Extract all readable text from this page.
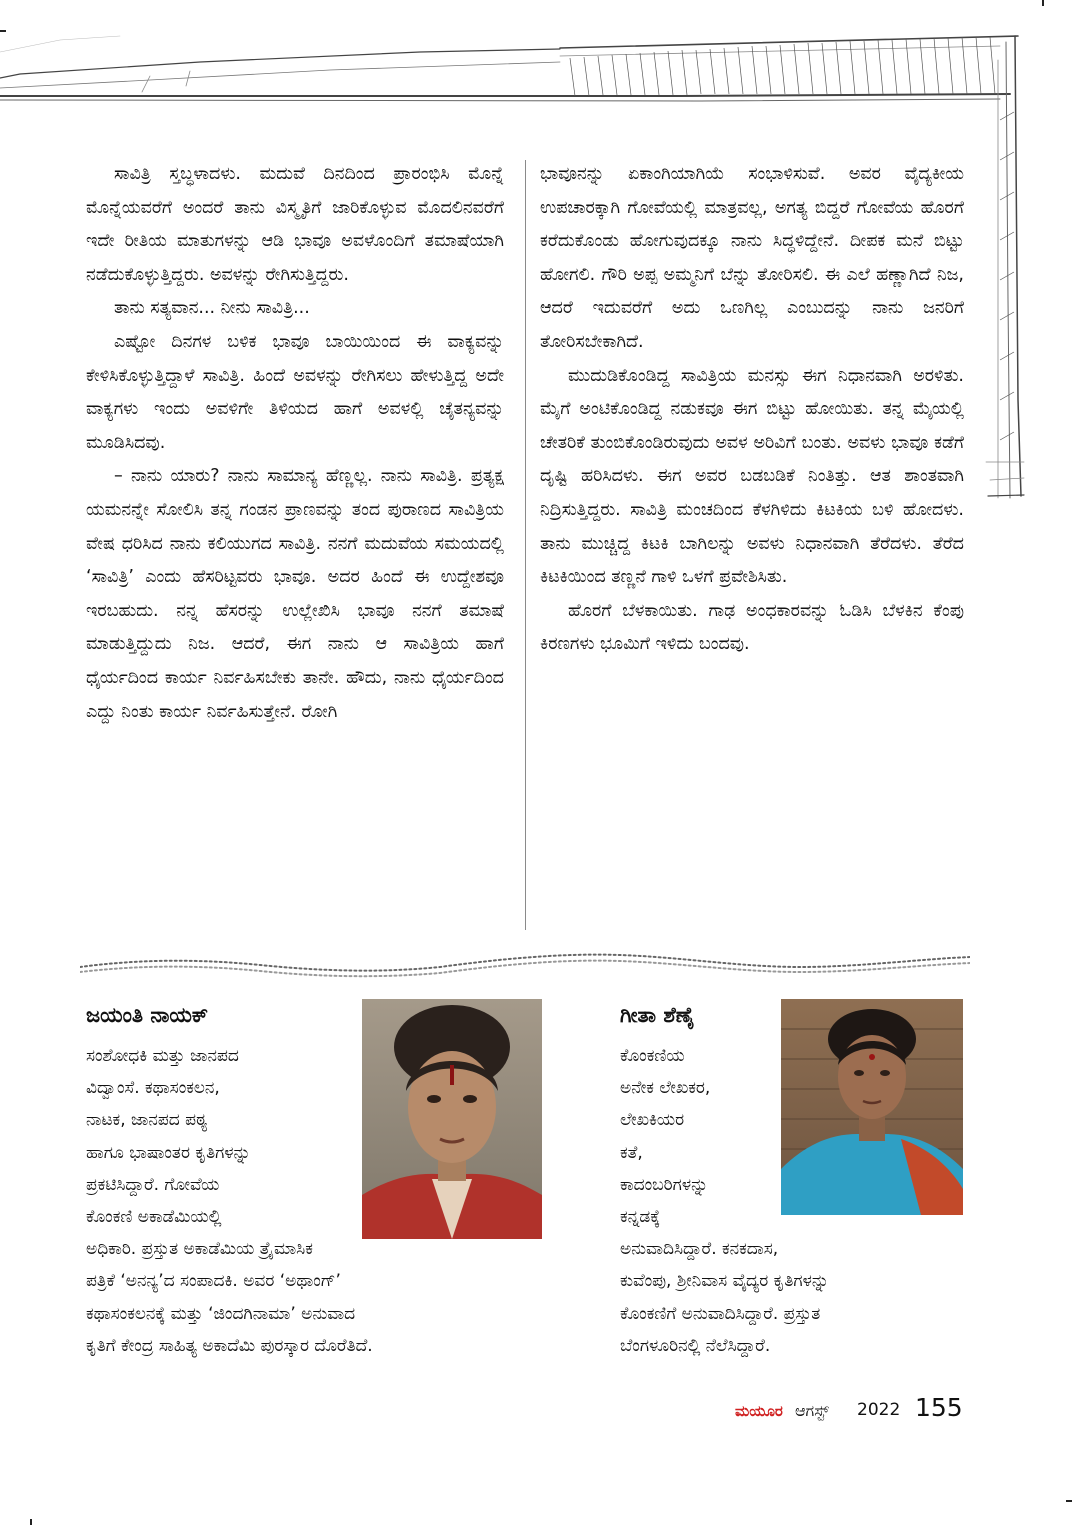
ಸಾವಿತ್ರಿ ಸ್ತಬ್ಧಳಾದಳು. ಮದುವೆ ದಿನದಿಂದ ಪ್ರಾರಂಭಿಸಿ ಮೊನ್ನೆ ಮೊನ್ನೆಯವರೆಗೆ ಅಂದರೆ ತಾನು ವಿಸ್ಮೃತಿಗೆ ಜಾರಿಕೊಳ್ಳುವ ಮೊದಲಿನವರೆಗೆ ಇದೇ ರೀತಿಯ ಮಾತುಗಳನ್ನು ಆಡಿ ಭಾವೂ ಅವಳೊಂದಿಗೆ ತಮಾಷೆಯಾಗಿ ನಡೆದುಕೊಳ್ಳುತ್ತಿದ್ದರು. ಅವಳನ್ನು ರೇಗಿಸುತ್ತಿದ್ದರು.

ತಾನು ಸತ್ಯವಾನ... ನೀನು ಸಾವಿತ್ರಿ...

ಎಷ್ಟೋ ದಿನಗಳ ಬಳಿಕ ಭಾವೂ ಬಾಯಿಯಿಂದ ಈ ವಾಕ್ಯವನ್ನು ಕೇಳಿಸಿಕೊಳ್ಳುತ್ತಿದ್ದಾಳೆ ಸಾವಿತ್ರಿ. ಹಿಂದೆ ಅವಳನ್ನು ರೇಗಿಸಲು ಹೇಳುತ್ತಿದ್ದ ಅದೇ ವಾಕ್ಯಗಳು ಇಂದು ಅವಳಿಗೇ ತಿಳಿಯದ ಹಾಗೆ ಅವಳಲ್ಲಿ ಚೈತನ್ಯವನ್ನು ಮೂಡಿಸಿದವು.

– ನಾನು ಯಾರು? ನಾನು ಸಾಮಾನ್ಯ ಹೆಣ್ಣಲ್ಲ. ನಾನು ಸಾವಿತ್ರಿ. ಪ್ರತ್ಯಕ್ಷ ಯಮನನ್ನೇ ಸೋಲಿಸಿ ತನ್ನ ಗಂಡನ ಪ್ರಾಣವನ್ನು ತಂದ ಪುರಾಣದ ಸಾವಿತ್ರಿಯ ವೇಷ ಧರಿಸಿದ ನಾನು ಕಲಿಯುಗದ ಸಾವಿತ್ರಿ. ನನಗೆ ಮದುವೆಯ ಸಮಯದಲ್ಲಿ ‘ಸಾವಿತ್ರಿ’ ಎಂದು ಹೆಸರಿಟ್ಟವರು ಭಾವೂ. ಅದರ ಹಿಂದೆ ಈ ಉದ್ದೇಶವೂ ಇರಬಹುದು. ನನ್ನ ಹೆಸರನ್ನು ಉಲ್ಲೇಖಿಸಿ ಭಾವೂ ನನಗೆ ತಮಾಷೆ ಮಾಡುತ್ತಿದ್ದುದು ನಿಜ. ಆದರೆ, ಈಗ ನಾನು ಆ ಸಾವಿತ್ರಿಯ ಹಾಗೆ ಧೈರ್ಯದಿಂದ ಕಾರ್ಯ ನಿರ್ವಹಿಸಬೇಕು ತಾನೇ. ಹೌದು, ನಾನು ಧೈರ್ಯದಿಂದ ಎದ್ದು ನಿಂತು ಕಾರ್ಯ ನಿರ್ವಹಿಸುತ್ತೇನೆ. ರೋಗಿ

ಭಾವೂನನ್ನು ಏಕಾಂಗಿಯಾಗಿಯೆ ಸಂಭಾಳಿಸುವೆ. ಅವರ ವೈದ್ಯಕೀಯ ಉಪಚಾರಕ್ಕಾಗಿ ಗೋವೆಯಲ್ಲಿ ಮಾತ್ರವಲ್ಲ, ಅಗತ್ಯ ಬಿದ್ದರೆ ಗೋವೆಯ ಹೊರಗೆ ಕರೆದುಕೊಂಡು ಹೋಗುವುದಕ್ಕೂ ನಾನು ಸಿದ್ಧಳಿದ್ದೇನೆ. ದೀಪಕ ಮನೆ ಬಿಟ್ಟು ಹೋಗಲಿ. ಗೌರಿ ಅಪ್ಪ ಅಮ್ಮನಿಗೆ ಬೆನ್ನು ತೋರಿಸಲಿ. ಈ ಎಲೆ ಹಣ್ಣಾಗಿದೆ ನಿಜ, ಆದರೆ ಇದುವರೆಗೆ ಅದು ಒಣಗಿಲ್ಲ ಎಂಬುದನ್ನು ನಾನು ಜನರಿಗೆ ತೋರಿಸಬೇಕಾಗಿದೆ.

ಮುದುಡಿಕೊಂಡಿದ್ದ ಸಾವಿತ್ರಿಯ ಮನಸ್ಸು ಈಗ ನಿಧಾನವಾಗಿ ಅರಳಿತು. ಮೈಗೆ ಅಂಟಿಕೊಂಡಿದ್ದ ನಡುಕವೂ ಈಗ ಬಿಟ್ಟು ಹೋಯಿತು. ತನ್ನ ಮೈಯಲ್ಲಿ ಚೇತರಿಕೆ ತುಂಬಿಕೊಂಡಿರುವುದು ಅವಳ ಅರಿವಿಗೆ ಬಂತು. ಅವಳು ಭಾವೂ ಕಡೆಗೆ ದೃಷ್ಟಿ ಹರಿಸಿದಳು. ಈಗ ಅವರ ಬಡಬಡಿಕೆ ನಿಂತಿತ್ತು. ಆತ ಶಾಂತವಾಗಿ ನಿದ್ರಿಸುತ್ತಿದ್ದರು. ಸಾವಿತ್ರಿ ಮಂಚದಿಂದ ಕೆಳಗಿಳಿದು ಕಿಟಕಿಯ ಬಳಿ ಹೋದಳು. ತಾನು ಮುಚ್ಚಿದ್ದ ಕಿಟಕಿ ಬಾಗಿಲನ್ನು ಅವಳು ನಿಧಾನವಾಗಿ ತೆರೆದಳು. ತೆರೆದ ಕಿಟಕಿಯಿಂದ ತಣ್ಣನೆ ಗಾಳಿ ಒಳಗೆ ಪ್ರವೇಶಿಸಿತು.

ಹೊರಗೆ ಬೆಳಕಾಯಿತು. ಗಾಢ ಅಂಧಕಾರವನ್ನು ಓಡಿಸಿ ಬೆಳಕಿನ ಕೆಂಪು ಕಿರಣಗಳು ಭೂಮಿಗೆ ಇಳಿದು ಬಂದವು.

ಜಯಂತಿ ನಾಯಕ್
ಸಂಶೋಧಕಿ ಮತ್ತು ಜಾನಪದ
ವಿದ್ವಾಂಸೆ. ಕಥಾಸಂಕಲನ,
ನಾಟಕ, ಜಾನಪದ ಪಠ್ಯ
ಹಾಗೂ ಭಾಷಾಂತರ ಕೃತಿಗಳನ್ನು
ಪ್ರಕಟಿಸಿದ್ದಾರೆ. ಗೋವೆಯ
ಕೊಂಕಣಿ ಅಕಾಡೆಮಿಯಲ್ಲಿ
ಅಧಿಕಾರಿ. ಪ್ರಸ್ತುತ ಅಕಾಡೆಮಿಯ ತ್ರೈಮಾಸಿಕ
ಪತ್ರಿಕೆ ‘ಅನನ್ಯ’ದ ಸಂಪಾದಕಿ. ಅವರ ‘ಅಥಾಂಗ್’
ಕಥಾಸಂಕಲನಕ್ಕೆ ಮತ್ತು ‘ಜಿಂದಗಿನಾಮಾ’ ಅನುವಾದ
ಕೃತಿಗೆ ಕೇಂದ್ರ ಸಾಹಿತ್ಯ ಅಕಾದೆಮಿ ಪುರಸ್ಕಾರ ದೊರೆತಿದೆ.
ಗೀತಾ ಶೆಣೈ
ಕೊಂಕಣಿಯ
ಅನೇಕ ಲೇಖಕರ,
ಲೇಖಕಿಯರ
ಕತೆ,
ಕಾದಂಬರಿಗಳನ್ನು
ಕನ್ನಡಕ್ಕೆ
ಅನುವಾದಿಸಿದ್ದಾರೆ. ಕನಕದಾಸ,
ಕುವೆಂಪು, ಶ್ರೀನಿವಾಸ ವೈದ್ಯರ ಕೃತಿಗಳನ್ನು
ಕೊಂಕಣಿಗೆ ಅನುವಾದಿಸಿದ್ದಾರೆ. ಪ್ರಸ್ತುತ
ಬೆಂಗಳೂರಿನಲ್ಲಿ ನೆಲೆಸಿದ್ದಾರೆ.
ಮಯೂರ ಆಗಸ್ಟ್ 2022 155
